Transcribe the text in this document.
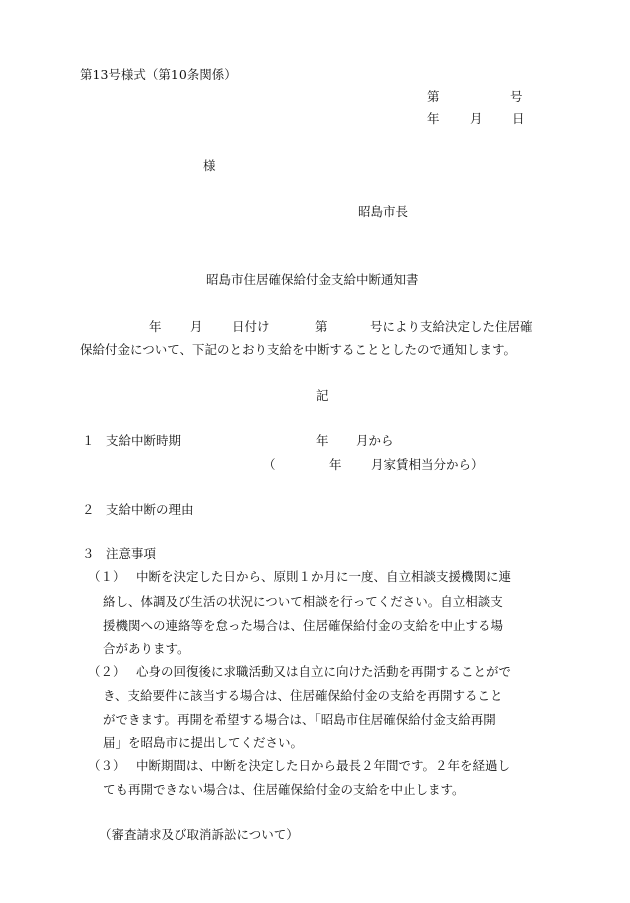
第13号様式（第10条関係）
第	号
年 月 日
様
昭島市長
昭島市住居確保給付金支給中断通知書
年 月 日付け	第	号により支給決定した住居確
保給付金について、下記のとおり支給を中断することとしたので通知します。
記
１ 支給中断時期	年 月から
（	年 月家賃相当分から）
２ 支給中断の理由
３ 注意事項
（１） 中断を決定した日から、原則１か月に一度、自立相談支援機関に連
絡し、体調及び生活の状況について相談を行ってください。自立相談支
援機関への連絡等を怠った場合は、住居確保給付金の支給を中止する場
合があります。
（２） 心身の回復後に求職活動又は自立に向けた活動を再開することがで
き、支給要件に該当する場合は、住居確保給付金の支給を再開すること
ができます。再開を希望する場合は、「昭島市住居確保給付金支給再開
届」を昭島市に提出してください。
（３） 中断期間は、中断を決定した日から最長２年間です。２年を経過し
ても再開できない場合は、住居確保給付金の支給を中止します。
（審査請求及び取消訴訟について）
